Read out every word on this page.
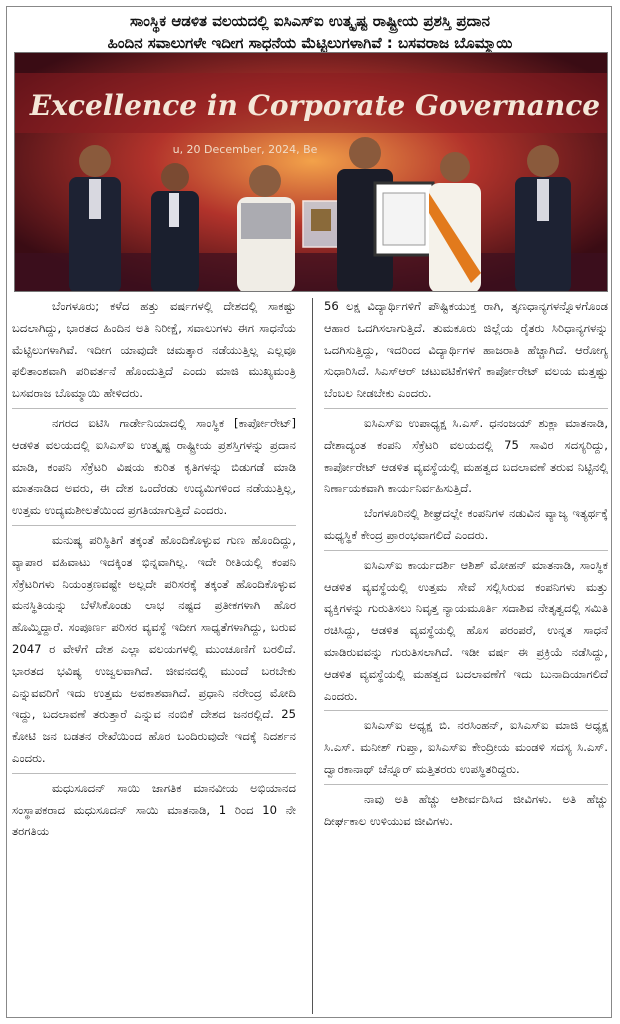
ಸಾಂಸ್ಥಿಕ ಆಡಳಿತ ವಲಯದಲ್ಲಿ ಐಸಿಎಸ್ಐ ಉತ್ಕೃಷ್ಟ ರಾಷ್ಟ್ರೀಯ ಪ್ರಶಸ್ತಿ ಪ್ರದಾನ
ಹಿಂದಿನ ಸವಾಲುಗಳೇ ಇದೀಗ ಸಾಧನೆಯ ಮೆಟ್ಟಿಲುಗಳಾಗಿವೆ : ಬಸವರಾಜ ಬೊಮ್ಮಾಯಿ
Excellence in Corporate Governance
u, 20 December, 2024, Be

ಬೆಂಗಳೂರು; ಕಳೆದ ಹತ್ತು ವರ್ಷಗಳಲ್ಲಿ ದೇಶದಲ್ಲಿ ಸಾಕಷ್ಟು ಬದಲಾಗಿದ್ದು, ಭಾರತದ ಹಿಂದಿನ ಅತಿ ನಿರೀಕ್ಷೆ, ಸವಾಲುಗಳು ಈಗ ಸಾಧನೆಯ ಮೆಟ್ಟಿಲುಗಳಾಗಿವೆ. ಇದೀಗ ಯಾವುದೇ ಚಮತ್ಕಾರ ನಡೆಯುತ್ತಿಲ್ಲ ಎಲ್ಲವೂ ಫಲಿತಾಂಶವಾಗಿ ಪರಿವರ್ತನೆ ಹೊಂದುತ್ತಿದೆ ಎಂದು ಮಾಜಿ ಮುಖ್ಯಮಂತ್ರಿ ಬಸವರಾಜ ಬೊಮ್ಮಾಯಿ ಹೇಳಿದರು.

ನಗರದ ಐಟಿಸಿ ಗಾರ್ಡೇನಿಯಾದಲ್ಲಿ ಸಾಂಸ್ಥಿಕ [ಕಾರ್ಪೋರೇಟ್] ಆಡಳಿತ ವಲಯದಲ್ಲಿ ಐಸಿಎಸ್ಐ ಉತ್ಕೃಷ್ಟ ರಾಷ್ಟ್ರೀಯ ಪ್ರಶಸ್ತಿಗಳನ್ನು ಪ್ರದಾನ ಮಾಡಿ, ಕಂಪನಿ ಸೆಕ್ರೆಟರಿ ವಿಷಯ ಕುರಿತ ಕೃತಿಗಳನ್ನು ಬಿಡುಗಡೆ ಮಾಡಿ ಮಾತನಾಡಿದ ಅವರು, ಈ ದೇಶ ಒಂದೆರಡು ಉದ್ಯಮಿಗಳಿಂದ ನಡೆಯುತ್ತಿಲ್ಲ, ಉತ್ತಮ ಉದ್ಯಮಶೀಲತೆಯಿಂದ ಪ್ರಗತಿಯಾಗುತ್ತಿದೆ ಎಂದರು.

ಮನುಷ್ಯ ಪರಿಸ್ಥಿತಿಗೆ ತಕ್ಕಂತೆ ಹೊಂದಿಕೊಳ್ಳುವ ಗುಣ ಹೊಂದಿದ್ದು, ವ್ಯಾಪಾರ ವಹಿವಾಟು ಇದಕ್ಕಿಂತ ಭಿನ್ನವಾಗಿಲ್ಲ. ಇದೇ ರೀತಿಯಲ್ಲಿ ಕಂಪನಿ ಸೆಕ್ರೆಟರಿಗಳು ನಿಯಂತ್ರಣವಷ್ಟೇ ಅಲ್ಲದೇ ಪರಿಸರಕ್ಕೆ ತಕ್ಕಂತೆ ಹೊಂದಿಕೊಳ್ಳುವ ಮನಸ್ಥಿತಿಯನ್ನು ಬೆಳೆಸಿಕೊಂಡು ಲಾಭ ನಷ್ಟದ ಪ್ರತೀಕಗಳಾಗಿ ಹೊರ ಹೊಮ್ಮಿದ್ದಾರೆ. ಸಂಪೂರ್ಣ ಪರಿಸರ ವ್ಯವಸ್ಥೆ ಇದೀಗ ಸಾಧ್ಯತೆಗಳಾಗಿದ್ದು, ಬರುವ 2047 ರ ವೇಳೆಗೆ ದೇಶ ಎಲ್ಲಾ ವಲಯಗಳಲ್ಲಿ ಮುಂಚೂಣಿಗೆ ಬರಲಿದೆ. ಭಾರತದ ಭವಿಷ್ಯ ಉಜ್ವಲವಾಗಿದೆ. ಜೀವನದಲ್ಲಿ ಮುಂದೆ ಬರಬೇಕು ಎನ್ನುವವರಿಗೆ ಇದು ಉತ್ತಮ ಅವಕಾಶವಾಗಿದೆ. ಪ್ರಧಾನಿ ನರೇಂದ್ರ ಮೋದಿ ಇದ್ದು, ಬದಲಾವಣೆ ತರುತ್ತಾರೆ ಎನ್ನುವ ನಂಬಿಕೆ ದೇಶದ ಜನರಲ್ಲಿದೆ. 25 ಕೋಟಿ ಜನ ಬಡತನ ರೇಖೆಯಿಂದ ಹೊರ ಬಂದಿರುವುದೇ ಇದಕ್ಕೆ ನಿದರ್ಶನ ಎಂದರು.

ಮಧುಸೂದನ್ ಸಾಯಿ ಜಾಗತಿಕ ಮಾನವೀಯ ಅಭಿಯಾನದ ಸಂಸ್ಥಾಪಕರಾದ ಮಧುಸೂದನ್ ಸಾಯಿ ಮಾತನಾಡಿ, 1 ರಿಂದ 10 ನೇ ತರಗತಿಯ

56 ಲಕ್ಷ ವಿದ್ಯಾರ್ಥಿಗಳಿಗೆ ಪೌಷ್ಟಿಕಯುಕ್ತ ರಾಗಿ, ತೃಣಧಾನ್ಯಗಳನ್ನೊಳಗೊಂಡ ಆಹಾರ ಒದಗಿಸಲಾಗುತ್ತಿದೆ. ತುಮಕೂರು ಜಿಲ್ಲೆಯ ರೈತರು ಸಿರಿಧಾನ್ಯಗಳನ್ನು ಒದಗಿಸುತ್ತಿದ್ದು, ಇದರಿಂದ ವಿದ್ಯಾರ್ಥಿಗಳ ಹಾಜರಾತಿ ಹೆಚ್ಚಾಗಿದೆ. ಆರೋಗ್ಯ ಸುಧಾರಿಸಿದೆ. ಸಿಎಸ್‌ಆರ್ ಚಟುವಟಿಕೆಗಳಿಗೆ ಕಾರ್ಪೋರೇಟ್ ವಲಯ ಮತ್ತಷ್ಟು ಬೆಂಬಲ ನೀಡಬೇಕು ಎಂದರು.

ಐಸಿಎಸ್ಐ ಉಪಾಧ್ಯಕ್ಷ ಸಿ.ಎಸ್. ಧನಂಜಯ್ ಶುಕ್ಲಾ ಮಾತನಾಡಿ, ದೇಶಾದ್ಯಂತ ಕಂಪನಿ ಸೆಕ್ರೆಟರಿ ವಲಯದಲ್ಲಿ 75 ಸಾವಿರ ಸದಸ್ಯರಿದ್ದು, ಕಾರ್ಪೋರೇಟ್ ಆಡಳಿತ ವ್ಯವಸ್ಥೆಯಲ್ಲಿ ಮಹತ್ವದ ಬದಲಾವಣೆ ತರುವ ನಿಟ್ಟಿನಲ್ಲಿ ನಿರ್ಣಾಯಕವಾಗಿ ಕಾರ್ಯನಿರ್ವಹಿಸುತ್ತಿದೆ.

ಬೆಂಗಳೂರಿನಲ್ಲಿ ಶೀಘ್ರದಲ್ಲೇ ಕಂಪನಿಗಳ ನಡುವಿನ ವ್ಯಾಜ್ಯ ಇತ್ಯರ್ಥಕ್ಕೆ ಮಧ್ಯಸ್ಥಿಕೆ ಕೇಂದ್ರ ಪ್ರಾರಂಭವಾಗಲಿದೆ ಎಂದರು.

ಐಸಿಎಸ್ಐ ಕಾರ್ಯದರ್ಶಿ ಆಶಿಶ್ ಮೋಹನ್ ಮಾತನಾಡಿ, ಸಾಂಸ್ಥಿಕ ಆಡಳಿತ ವ್ಯವಸ್ಥೆಯಲ್ಲಿ ಉತ್ತಮ ಸೇವೆ ಸಲ್ಲಿಸಿರುವ ಕಂಪನಿಗಳು ಮತ್ತು ವ್ಯಕ್ತಿಗಳನ್ನು ಗುರುತಿಸಲು ನಿವೃತ್ತ ನ್ಯಾಯಮೂರ್ತಿ ಸದಾಶಿವ ನೇತೃತ್ವದಲ್ಲಿ ಸಮಿತಿ ರಚಿಸಿದ್ದು, ಆಡಳಿತ ವ್ಯವಸ್ಥೆಯಲ್ಲಿ ಹೊಸ ಪರಂಪರೆ, ಉನ್ನತ ಸಾಧನೆ ಮಾಡಿರುವವನ್ನು ಗುರುತಿಸಲಾಗಿದೆ. ಇಡೀ ವರ್ಷ ಈ ಪ್ರಕ್ರಿಯೆ ನಡೆಸಿದ್ದು, ಆಡಳಿತ ವ್ಯವಸ್ಥೆಯಲ್ಲಿ ಮಹತ್ವದ ಬದಲಾವಣೆಗೆ ಇದು ಬುನಾದಿಯಾಗಲಿದೆ ಎಂದರು.

ಐಸಿಎಸ್ಐ ಅಧ್ಯಕ್ಷ ಬಿ. ನರಸಿಂಹನ್, ಐಸಿಎಸ್ಐ ಮಾಜಿ ಅಧ್ಯಕ್ಷ ಸಿ.ಎಸ್. ಮನೀಶ್ ಗುಪ್ತಾ, ಐಸಿಎಸ್ಐ ಕೇಂದ್ರೀಯ ಮಂಡಳಿ ಸದಸ್ಯ ಸಿ.ಎಸ್. ದ್ವಾರಕಾನಾಥ್ ಚೆನ್ನೂರ್ ಮತ್ತಿತರರು ಉಪಸ್ಥಿತರಿದ್ದರು.

ನಾವು ಅತಿ ಹೆಚ್ಚು ಆಶೀರ್ವದಿಸಿದ ಜೀವಿಗಳು. ಅತಿ ಹೆಚ್ಚು ದೀರ್ಘಕಾಲ ಉಳಿಯುವ ಜೀವಿಗಳು.
